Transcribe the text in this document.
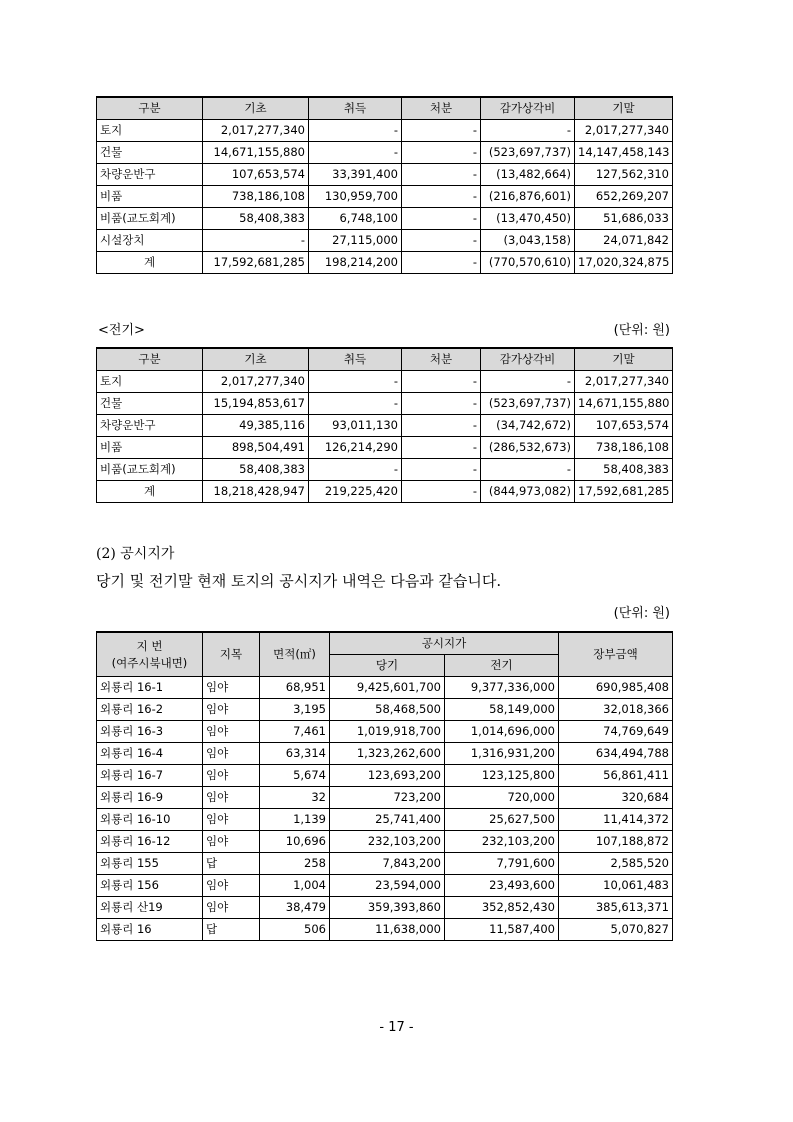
구분	기초	취득	처분	감가상각비	기말
토지	2,017,277,340	-	-	-	2,017,277,340
건물	14,671,155,880	-	-	(523,697,737)	14,147,458,143
차량운반구	107,653,574	33,391,400	-	(13,482,664)	127,562,310
비품	738,186,108	130,959,700	-	(216,876,601)	652,269,207
비품(교도회계)	58,408,383	6,748,100	-	(13,470,450)	51,686,033
시설장치	-	27,115,000	-	(3,043,158)	24,071,842
계	17,592,681,285	198,214,200	-	(770,570,610)	17,020,324,875
<전기>	(단위: 원)
구분	기초	취득	처분	감가상각비	기말
토지	2,017,277,340	-	-	-	2,017,277,340
건물	15,194,853,617	-	-	(523,697,737)	14,671,155,880
차량운반구	49,385,116	93,011,130	-	(34,742,672)	107,653,574
비품	898,504,491	126,214,290	-	(286,532,673)	738,186,108
비품(교도회계)	58,408,383	-	-	-	58,408,383
계	18,218,428,947	219,225,420	-	(844,973,082)	17,592,681,285
(2) 공시지가
당기 및 전기말 현재 토지의 공시지가 내역은 다음과 같습니다.
(단위: 원)
지 번
(여주시북내면)	지목	면적(㎡)	공시지가		장부금액
			당기	전기	
외룡리 16-1	임야	68,951	9,425,601,700	9,377,336,000	690,985,408
외룡리 16-2	임야	3,195	58,468,500	58,149,000	32,018,366
외룡리 16-3	임야	7,461	1,019,918,700	1,014,696,000	74,769,649
외룡리 16-4	임야	63,314	1,323,262,600	1,316,931,200	634,494,788
외룡리 16-7	임야	5,674	123,693,200	123,125,800	56,861,411
외룡리 16-9	임야	32	723,200	720,000	320,684
외룡리 16-10	임야	1,139	25,741,400	25,627,500	11,414,372
외룡리 16-12	임야	10,696	232,103,200	232,103,200	107,188,872
외룡리 155	답	258	7,843,200	7,791,600	2,585,520
외룡리 156	임야	1,004	23,594,000	23,493,600	10,061,483
외룡리 산19	임야	38,479	359,393,860	352,852,430	385,613,371
외룡리 16	답	506	11,638,000	11,587,400	5,070,827
- 17 -
